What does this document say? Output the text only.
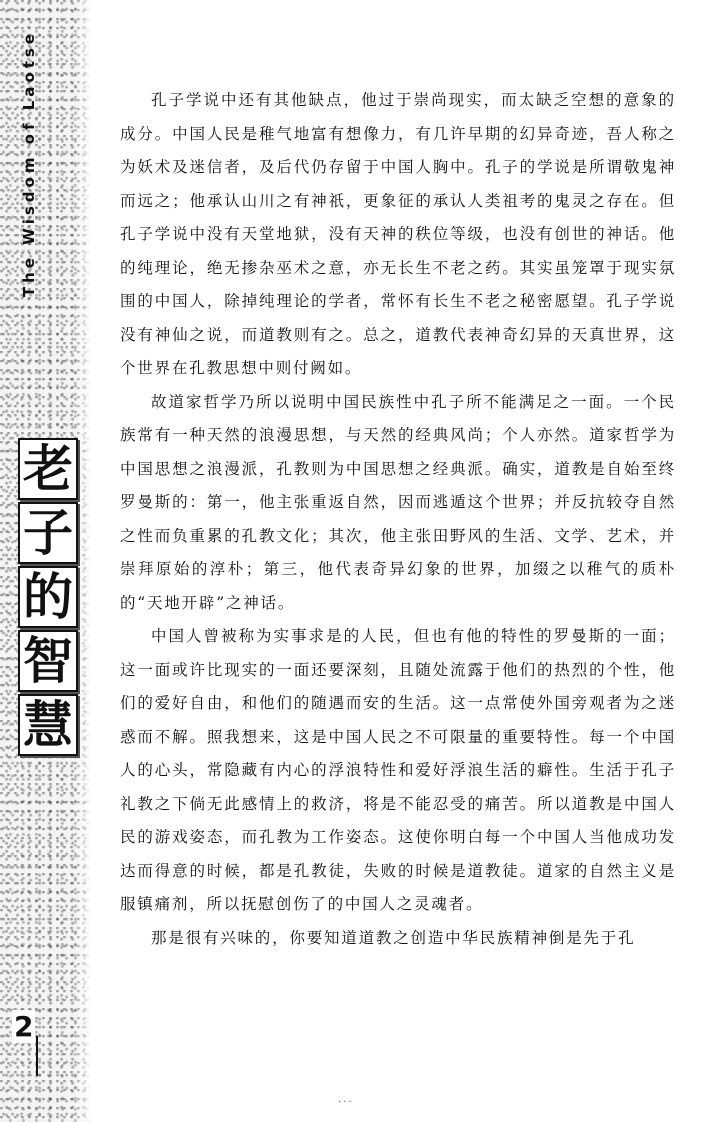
The Wisdom of Laotse
老
子
的
智
慧

孔子学说中还有其他缺点，他过于崇尚现实，而太缺乏空想的意象的成分。中国人民是稚气地富有想像力，有几许早期的幻异奇迹，吾人称之为妖术及迷信者，及后代仍存留于中国人胸中。孔子的学说是所谓敬鬼神而远之；他承认山川之有神祇，更象征的承认人类祖考的鬼灵之存在。但孔子学说中没有天堂地狱，没有天神的秩位等级，也没有创世的神话。他的纯理论，绝无掺杂巫术之意，亦无长生不老之药。其实虽笼罩于现实氛围的中国人，除掉纯理论的学者，常怀有长生不老之秘密愿望。孔子学说没有神仙之说，而道教则有之。总之，道教代表神奇幻异的天真世界，这个世界在孔教思想中则付阙如。

故道家哲学乃所以说明中国民族性中孔子所不能满足之一面。一个民族常有一种天然的浪漫思想，与天然的经典风尚；个人亦然。道家哲学为中国思想之浪漫派，孔教则为中国思想之经典派。确实，道教是自始至终罗曼斯的：第一，他主张重返自然，因而逃遁这个世界；并反抗较夺自然之性而负重累的孔教文化；其次，他主张田野风的生活、文学、艺术，并崇拜原始的淳朴；第三，他代表奇异幻象的世界，加缀之以稚气的质朴的“天地开辟”之神话。

中国人曾被称为实事求是的人民，但也有他的特性的罗曼斯的一面；这一面或许比现实的一面还要深刻，且随处流露于他们的热烈的个性，他们的爱好自由，和他们的随遇而安的生活。这一点常使外国旁观者为之迷惑而不解。照我想来，这是中国人民之不可限量的重要特性。每一个中国人的心头，常隐藏有内心的浮浪特性和爱好浮浪生活的癖性。生活于孔子礼教之下倘无此感情上的救济，将是不能忍受的痛苦。所以道教是中国人民的游戏姿态，而孔教为工作姿态。这使你明白每一个中国人当他成功发达而得意的时候，都是孔教徒，失败的时候是道教徒。道家的自然主义是服镇痛剂，所以抚慰创伤了的中国人之灵魂者。

那是很有兴味的，你要知道道教之创造中华民族精神倒是先于孔

2
...
